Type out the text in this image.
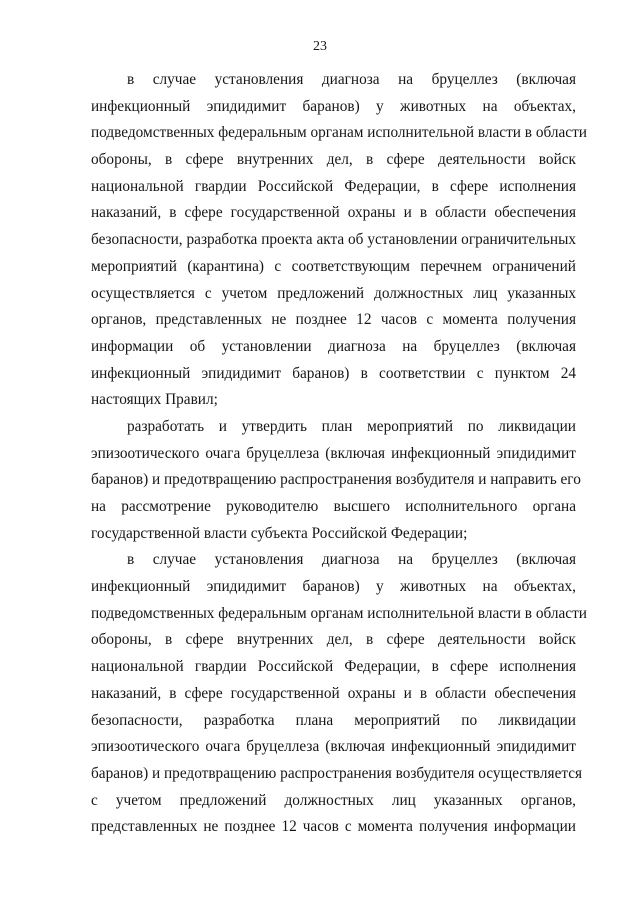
23
в случае установления диагноза на бруцеллез (включая
инфекционный эпидидимит баранов) у животных на объектах,
подведомственных федеральным органам исполнительной власти в области
обороны, в сфере внутренних дел, в сфере деятельности войск
национальной гвардии Российской Федерации, в сфере исполнения
наказаний, в сфере государственной охраны и в области обеспечения
безопасности, разработка проекта акта об установлении ограничительных
мероприятий (карантина) с соответствующим перечнем ограничений
осуществляется с учетом предложений должностных лиц указанных
органов, представленных не позднее 12 часов с момента получения
информации об установлении диагноза на бруцеллез (включая
инфекционный эпидидимит баранов) в соответствии с пунктом 24
настоящих Правил;
разработать и утвердить план мероприятий по ликвидации
эпизоотического очага бруцеллеза (включая инфекционный эпидидимит
баранов) и предотвращению распространения возбудителя и направить его
на рассмотрение руководителю высшего исполнительного органа
государственной власти субъекта Российской Федерации;
в случае установления диагноза на бруцеллез (включая
инфекционный эпидидимит баранов) у животных на объектах,
подведомственных федеральным органам исполнительной власти в области
обороны, в сфере внутренних дел, в сфере деятельности войск
национальной гвардии Российской Федерации, в сфере исполнения
наказаний, в сфере государственной охраны и в области обеспечения
безопасности, разработка плана мероприятий по ликвидации
эпизоотического очага бруцеллеза (включая инфекционный эпидидимит
баранов) и предотвращению распространения возбудителя осуществляется
с учетом предложений должностных лиц указанных органов,
представленных не позднее 12 часов с момента получения информации
